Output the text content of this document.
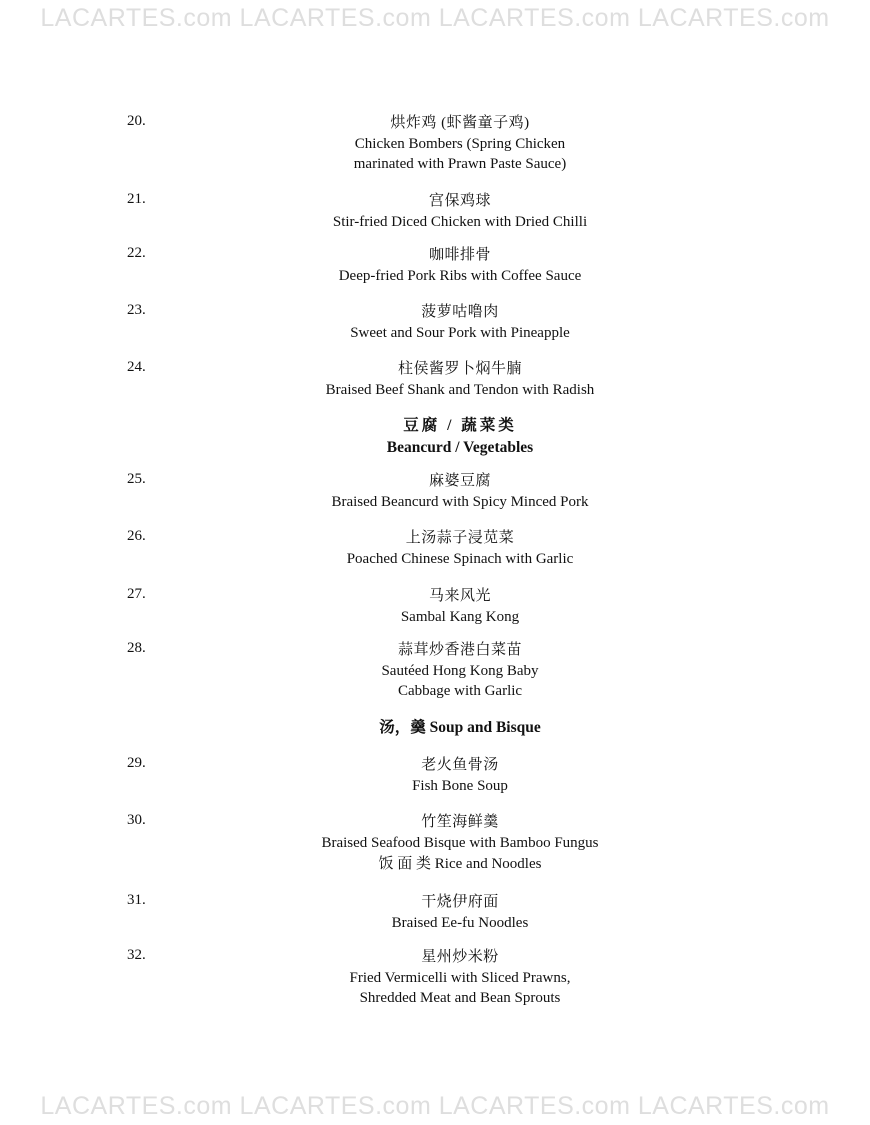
LACARTES.com LACARTES.com LACARTES.com LACARTES.com
20.	烘炸鸡 (虾酱童子鸡)
Chicken Bombers (Spring Chicken
marinated with Prawn Paste Sauce)
21.	宫保鸡球
Stir-fried Diced Chicken with Dried Chilli
22.	咖啡排骨
Deep-fried Pork Ribs with Coffee Sauce
23.	菠萝咕噜肉
Sweet and Sour Pork with Pineapple
24.	柱侯酱罗卜焖牛腩
Braised Beef Shank and Tendon with Radish
豆腐 / 蔬菜类
Beancurd / Vegetables
25.	麻婆豆腐
Braised Beancurd with Spicy Minced Pork
26.	上汤蒜子浸苋菜
Poached Chinese Spinach with Garlic
27.	马来风光
Sambal Kang Kong
28.	蒜茸炒香港白菜苗
Sautéed Hong Kong Baby
Cabbage with Garlic
汤，羹 Soup and Bisque
29.	老火鱼骨汤
Fish Bone Soup
30.	竹笙海鲜羹
Braised Seafood Bisque with Bamboo Fungus
饭 面 类 Rice and Noodles
31.	干烧伊府面
Braised Ee-fu Noodles
32.	星州炒米粉
Fried Vermicelli with Sliced Prawns,
Shredded Meat and Bean Sprouts
LACARTES.com LACARTES.com LACARTES.com LACARTES.com
